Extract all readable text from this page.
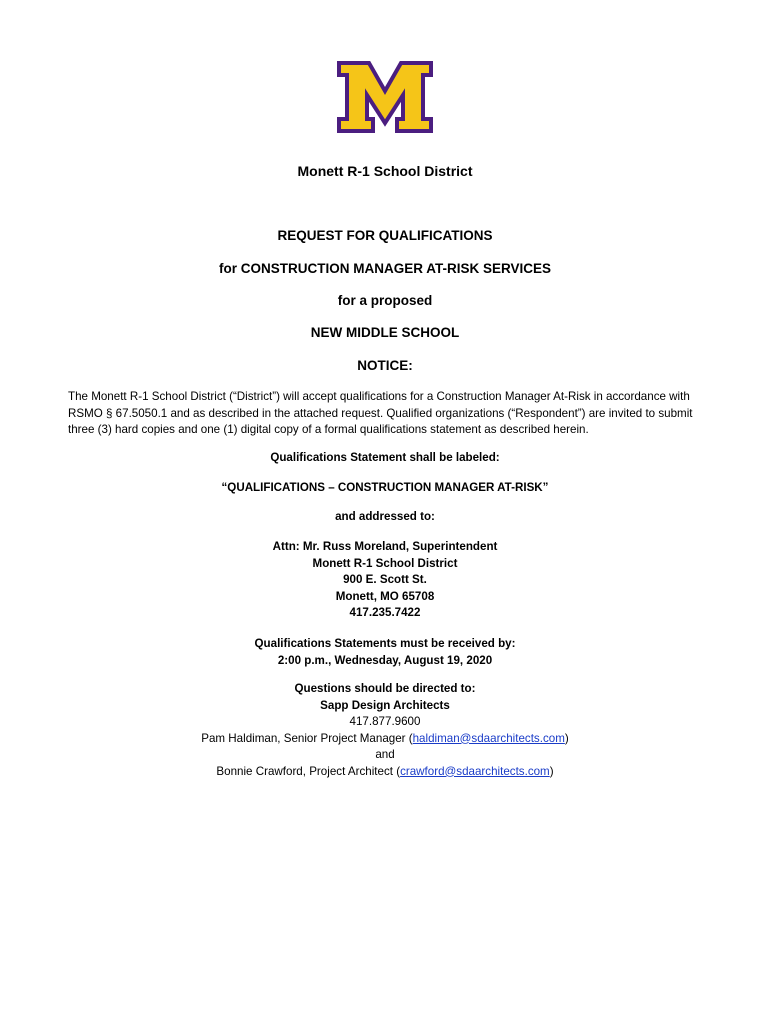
Monett R-1 School District
REQUEST FOR QUALIFICATIONS
for CONSTRUCTION MANAGER AT-RISK SERVICES
for a proposed
NEW MIDDLE SCHOOL
NOTICE:
The Monett R-1 School District (“District”) will accept qualifications for a Construction Manager At-Risk in accordance with
RSMO § 67.5050.1 and as described in the attached request. Qualified organizations (“Respondent”) are invited to submit
three (3) hard copies and one (1) digital copy of a formal qualifications statement as described herein.
Qualifications Statement shall be labeled:
“QUALIFICATIONS – CONSTRUCTION MANAGER AT-RISK”
and addressed to:
Attn: Mr. Russ Moreland, Superintendent
Monett R-1 School District
900 E. Scott St.
Monett, MO 65708
417.235.7422
Qualifications Statements must be received by:
2:00 p.m., Wednesday, August 19, 2020
Questions should be directed to:
Sapp Design Architects
417.877.9600
Pam Haldiman, Senior Project Manager (haldiman@sdaarchitects.com)
and
Bonnie Crawford, Project Architect (crawford@sdaarchitects.com)
